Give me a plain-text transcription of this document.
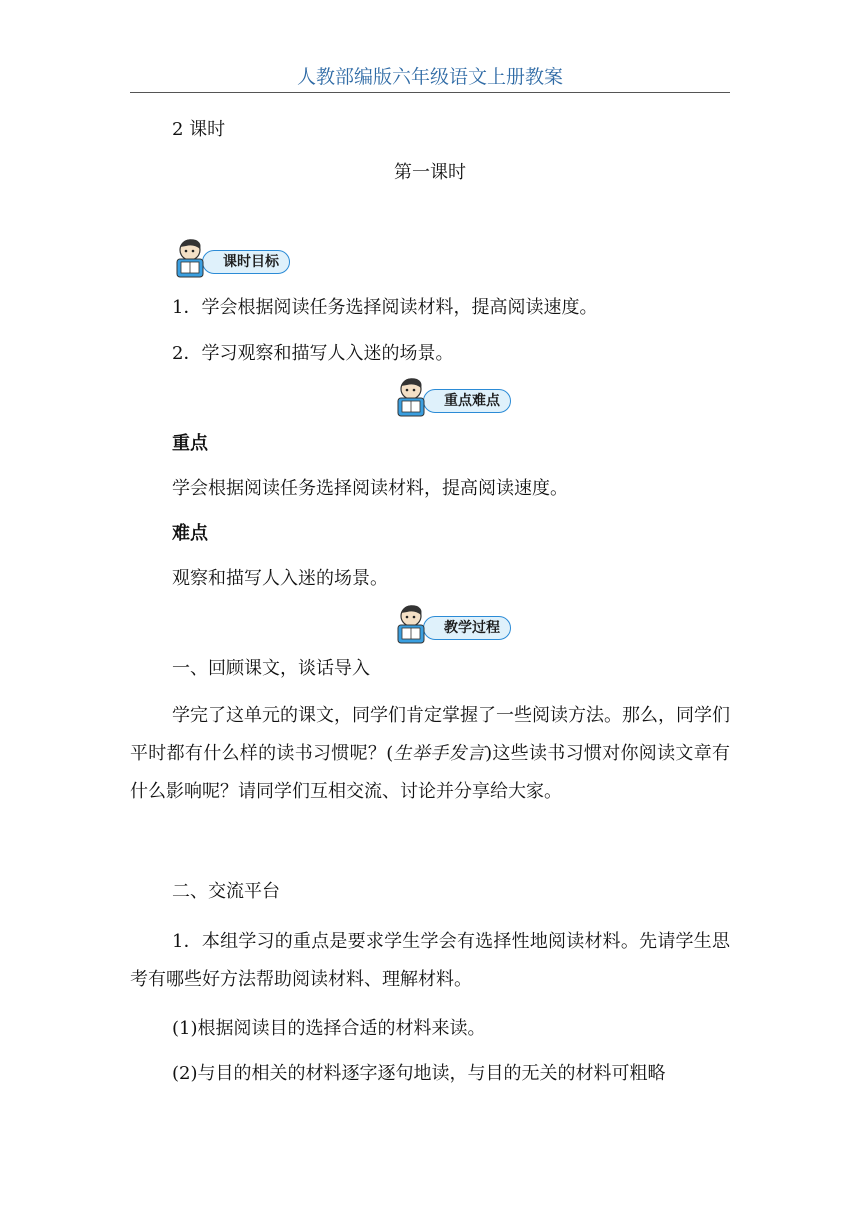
人教部编版六年级语文上册教案
2 课时
第一课时
课时目标
1．学会根据阅读任务选择阅读材料，提高阅读速度。
2．学习观察和描写人入迷的场景。
重点难点
重点
学会根据阅读任务选择阅读材料，提高阅读速度。
难点
观察和描写人入迷的场景。
教学过程
一、回顾课文，谈话导入
学完了这单元的课文，同学们肯定掌握了一些阅读方法。那么，同学们平时都有什么样的读书习惯呢？(生举手发言)这些读书习惯对你阅读文章有什么影响呢？请同学们互相交流、讨论并分享给大家。
二、交流平台
1．本组学习的重点是要求学生学会有选择性地阅读材料。先请学生思考有哪些好方法帮助阅读材料、理解材料。
(1)根据阅读目的选择合适的材料来读。
(2)与目的相关的材料逐字逐句地读，与目的无关的材料可粗略
